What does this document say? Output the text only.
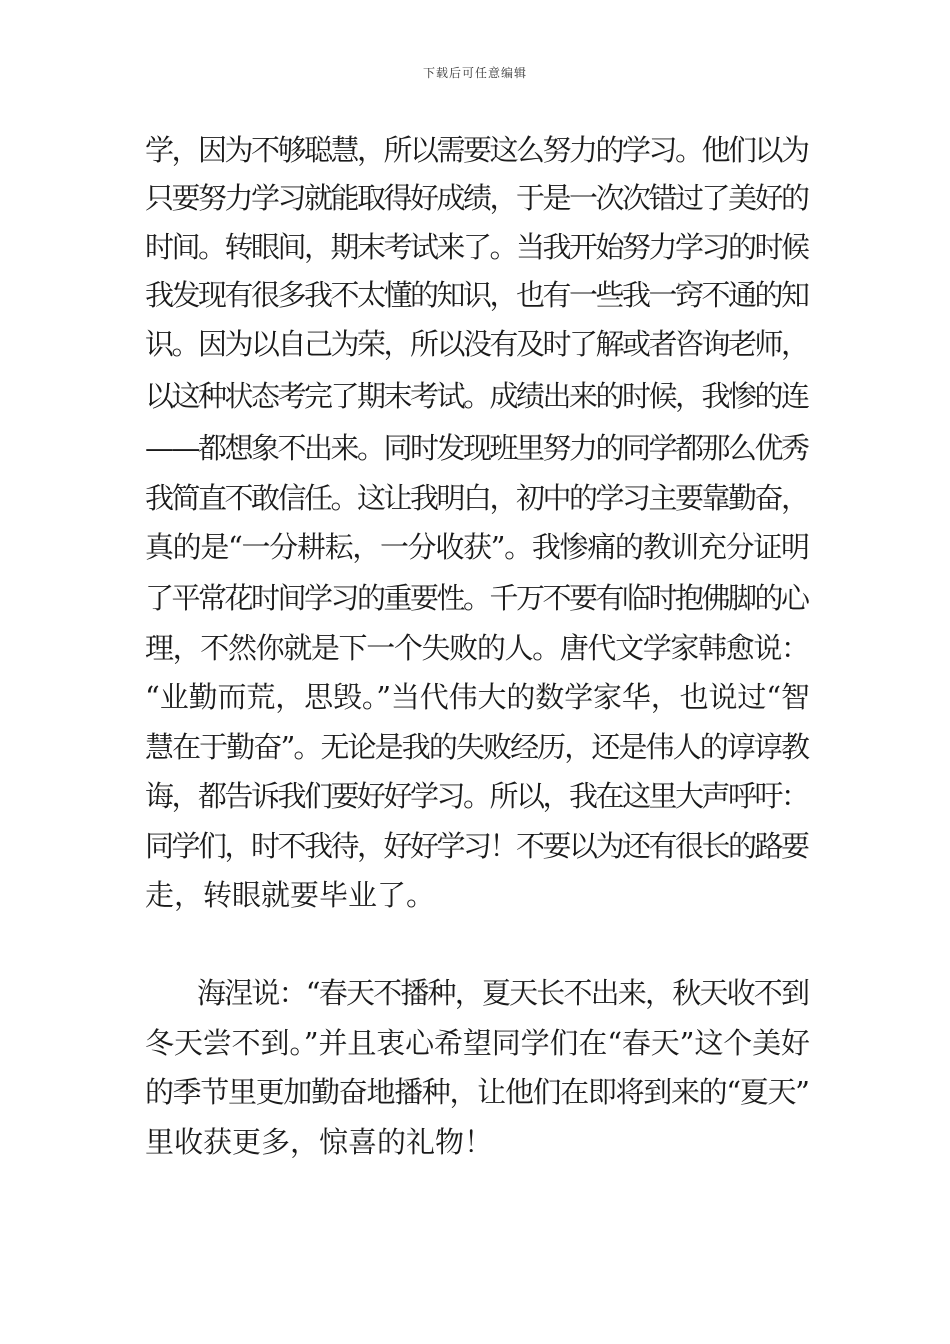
下载后可任意编辑
学，因为不够聪慧，所以需要这么努力的学习。他们以为
只要努力学习就能取得好成绩，于是一次次错过了美好的
时间。转眼间，期末考试来了。当我开始努力学习的时候
我发现有很多我不太懂的知识，也有一些我一窍不通的知
识。因为以自己为荣，所以没有及时了解或者咨询老师，
以这种状态考完了期末考试。成绩出来的时候，我惨的连
——都想象不出来。同时发现班里努力的同学都那么优秀
我简直不敢信任。这让我明白，初中的学习主要靠勤奋，
真的是“一分耕耘，一分收获”。我惨痛的教训充分证明
了平常花时间学习的重要性。千万不要有临时抱佛脚的心
理，不然你就是下一个失败的人。唐代文学家韩愈说：
“业勤而荒，思毁。”当代伟大的数学家华，也说过“智
慧在于勤奋”。无论是我的失败经历，还是伟人的谆谆教
诲，都告诉我们要好好学习。所以，我在这里大声呼吁：
同学们，时不我待，好好学习！不要以为还有很长的路要
走，转眼就要毕业了。
海涅说：“春天不播种，夏天长不出来，秋天收不到
冬天尝不到。”并且衷心希望同学们在“春天”这个美好
的季节里更加勤奋地播种，让他们在即将到来的“夏天”
里收获更多，惊喜的礼物！
